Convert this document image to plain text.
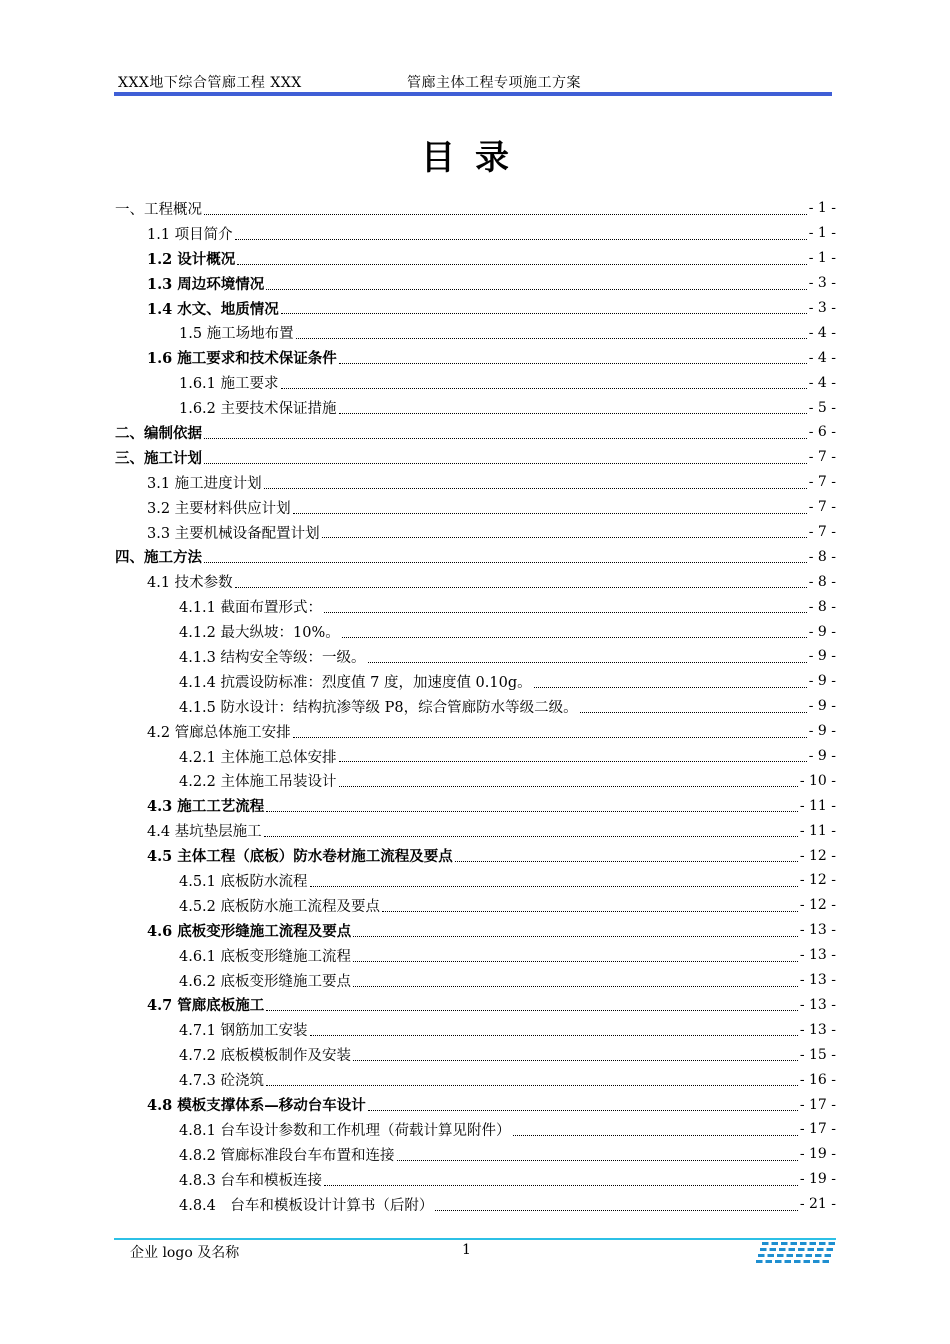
XXX地下综合管廊工程 XXX	管廊主体工程专项施工方案
目录
一、工程概况	- 1 -
1.1 项目简介	- 1 -
1.2 设计概况	- 1 -
1.3 周边环境情况	- 3 -
1.4 水文、地质情况	- 3 -
1.5 施工场地布置	- 4 -
1.6 施工要求和技术保证条件	- 4 -
1.6.1 施工要求	- 4 -
1.6.2 主要技术保证措施	- 5 -
二、编制依据	- 6 -
三、施工计划	- 7 -
3.1 施工进度计划	- 7 -
3.2 主要材料供应计划	- 7 -
3.3 主要机械设备配置计划	- 7 -
四、施工方法	- 8 -
4.1 技术参数	- 8 -
4.1.1 截面布置形式：	- 8 -
4.1.2 最大纵坡：10%。	- 9 -
4.1.3 结构安全等级：一级。	- 9 -
4.1.4 抗震设防标准：烈度值 7 度，加速度值 0.10g。	- 9 -
4.1.5 防水设计：结构抗渗等级 P8，综合管廊防水等级二级。	- 9 -
4.2 管廊总体施工安排	- 9 -
4.2.1 主体施工总体安排	- 9 -
4.2.2 主体施工吊装设计	- 10 -
4.3 施工工艺流程	- 11 -
4.4 基坑垫层施工	- 11 -
4.5 主体工程（底板）防水卷材施工流程及要点	- 12 -
4.5.1 底板防水流程	- 12 -
4.5.2 底板防水施工流程及要点	- 12 -
4.6 底板变形缝施工流程及要点	- 13 -
4.6.1 底板变形缝施工流程	- 13 -
4.6.2 底板变形缝施工要点	- 13 -
4.7 管廊底板施工	- 13 -
4.7.1 钢筋加工安装	- 13 -
4.7.2 底板模板制作及安装	- 15 -
4.7.3 砼浇筑	- 16 -
4.8 模板支撑体系—移动台车设计	- 17 -
4.8.1 台车设计参数和工作机理（荷载计算见附件）	- 17 -
4.8.2 管廊标准段台车布置和连接	- 19 -
4.8.3 台车和模板连接	- 19 -
4.8.4　台车和模板设计计算书（后附）	- 21 -
企业 logo 及名称	1
